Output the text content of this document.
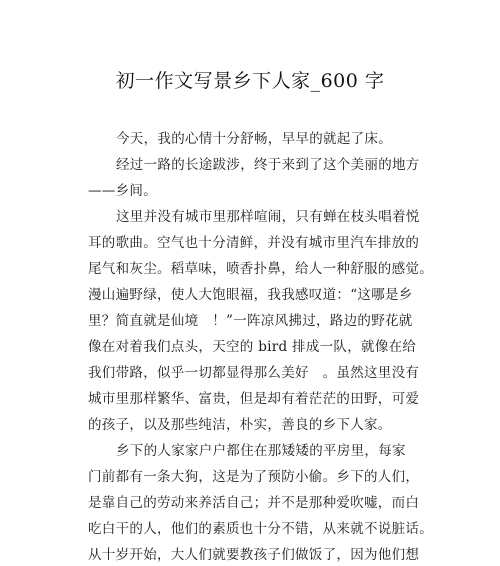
初一作文写景乡下人家_600 字
今天，我的心情十分舒畅，早早的就起了床。
经过一路的长途跋涉，终于来到了这个美丽的地方
——乡间。
这里并没有城市里那样喧闹，只有蝉在枝头唱着悦
耳的歌曲。空气也十分清鲜，并没有城市里汽车排放的
尾气和灰尘。稻草味，喷香扑鼻，给人一种舒服的感觉。
漫山遍野绿，使人大饱眼福，我我感叹道：“这哪是乡
里？简直就是仙境　！”一阵凉风拂过，路边的野花就
像在对着我们点头，天空的 bird 排成一队，就像在给
我们带路，似乎一切都显得那么美好　。虽然这里没有
城市里那样繁华、富贵，但是却有着茫茫的田野，可爱
的孩子，以及那些纯洁，朴实，善良的乡下人家。
乡下的人家家户户都住在那矮矮的平房里，每家
门前都有一条大狗，这是为了预防小偷。乡下的人们，
是靠自己的劳动来养活自己；并不是那种爱吹嘘，而白
吃白干的人，他们的素质也十分不错，从来就不说脏话。
从十岁开始，大人们就要教孩子们做饭了，因为他们想
